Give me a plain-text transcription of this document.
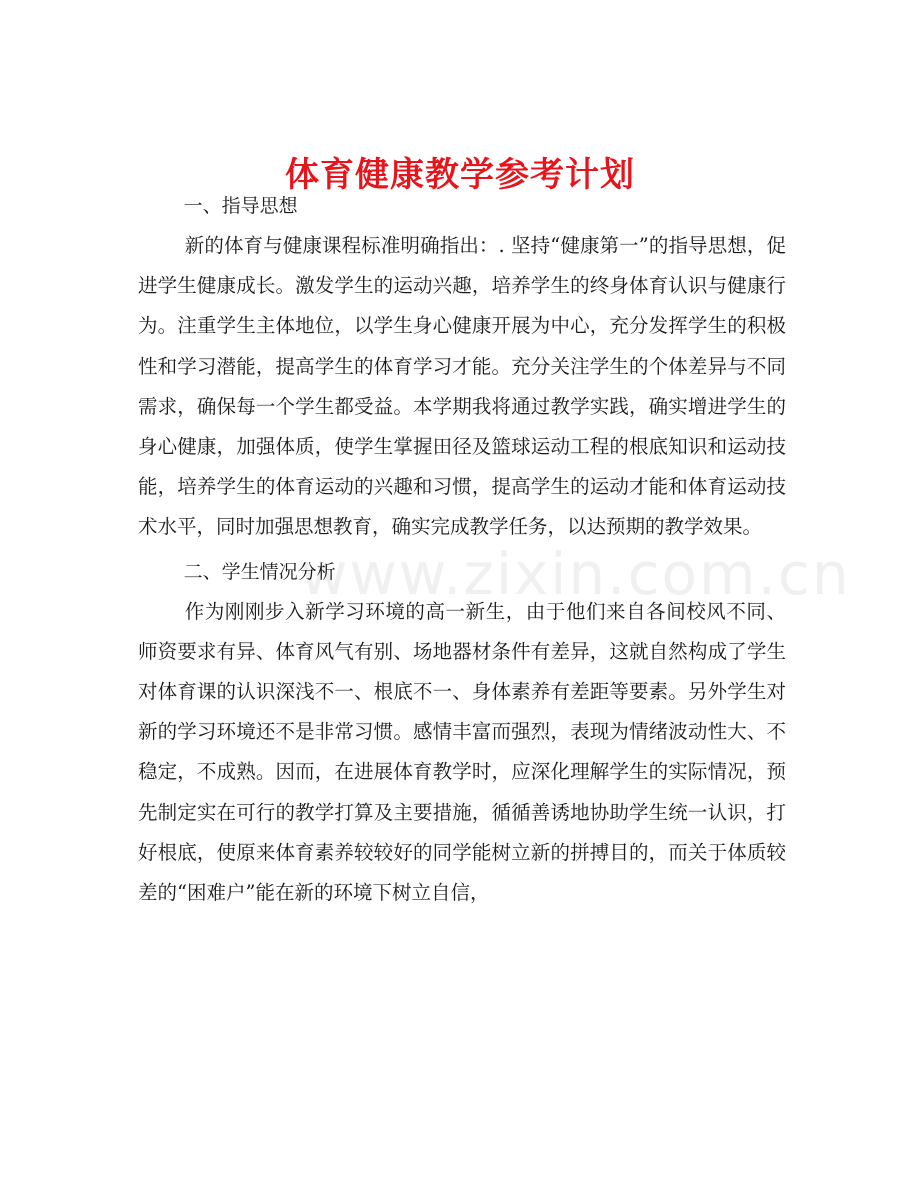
www.zixin.com.cn
体育健康教学参考计划

一、指导思想

新的体育与健康课程标准明确指出：. 坚持“健康第一”的指导思想，促进学生健康成长。激发学生的运动兴趣，培养学生的终身体育认识与健康行为。注重学生主体地位，以学生身心健康开展为中心，充分发挥学生的积极性和学习潜能，提高学生的体育学习才能。充分关注学生的个体差异与不同需求，确保每一个学生都受益。本学期我将通过教学实践，确实增进学生的身心健康，加强体质，使学生掌握田径及篮球运动工程的根底知识和运动技能，培养学生的体育运动的兴趣和习惯，提高学生的运动才能和体育运动技术水平，同时加强思想教育，确实完成教学任务，以达预期的教学效果。

二、学生情况分析

作为刚刚步入新学习环境的高一新生，由于他们来自各间校风不同、师资要求有异、体育风气有别、场地器材条件有差异，这就自然构成了学生对体育课的认识深浅不一、根底不一、身体素养有差距等要素。另外学生对新的学习环境还不是非常习惯。感情丰富而强烈，表现为情绪波动性大、不稳定，不成熟。因而，在进展体育教学时，应深化理解学生的实际情况，预先制定实在可行的教学打算及主要措施，循循善诱地协助学生统一认识，打好根底，使原来体育素养较较好的同学能树立新的拼搏目的，而关于体质较差的“困难户”能在新的环境下树立自信，
